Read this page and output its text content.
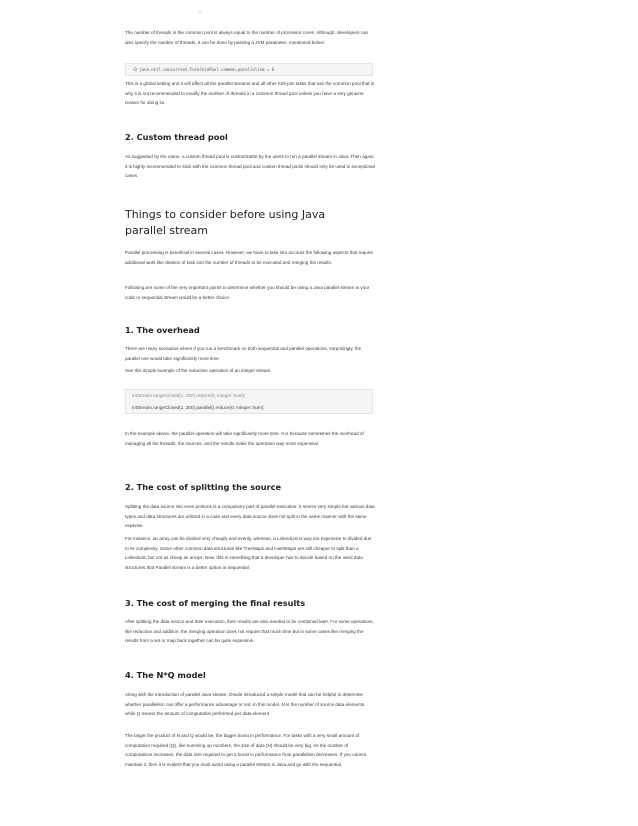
The number of threads in the common pool is always equal to the number of processor cores. Although, developers can also specify the number of threads. It can be done by passing a JVM parameter, mentioned below:

-D java.util.concurrent.ForkJoinPool.common.parallelism = 6

This is a global setting and it will affect all the parallel streams and all other fork-join tasks that use the common pool that is why it is not recommended to modify the number of threads in a common thread pool unless you have a very genuine reason for doing so.

2. Custom thread pool

As suggested by the name, a custom thread pool is customizable by the users to run a parallel stream in Java. Then again, it is highly recommended to stick with the common thread pool and custom thread pools should only be used in exceptional cases.

Things to consider before using Java parallel stream

Parallel processing is beneficial in several cases. However, we have to take into account the following aspects that require additional work like division of task into the number of threads to be executed and merging the results.

Following are some of the very important points to determine whether you should be using a Java parallel stream in your code or sequential stream would be a better choice.

1. The overhead

There are many scenarios where if you run a benchmark on both sequential and parallel operations, surprisingly, the parallel one would take significantly more time.

See this simple example of the reduction operation of an integer stream.

IntStream.rangeClosed(1, 200).reduce(0, Integer::sum);
IntStream.rangeClosed(1, 200).parallel().reduce(0, Integer::sum);

In the example above, the parallel operation will take significantly more time. It is because sometimes the overhead of managing all the threads, the sources, and the results make the operation way more expensive.

2. The cost of splitting the source

Splitting the data source into even portions is a compulsory part of parallel execution. It seems very simple but various data types and data structures are utilized in a code and every data source does not split in the same manner with the same expense.

For instance, an array can be divided very cheaply and evenly, whereas, a LinkedList is way too expensive to divided due to its complexity. Some other common data structures like TreeMaps and HashMaps are still cheaper to split than a LinkedList, but not as cheap as arrays. Now, this is something that a developer has to decide based on the used data structures that Parallel stream is a better option or sequential.

3. The cost of merging the final results

After splitting the data source and their execution, their results are also needed to be combined later. For some operations, like reduction and addition, the merging operation does not require that much time but in some cases like merging the results from a set or map back together can be quite expensive.

4. The N*Q model

Along with the introduction of parallel Java stream, Oracle introduced a simple model that can be helpful to determine whether parallelism can offer a performance advantage or not. In this model, N is the number of source data elements, while Q means the amount of computation performed per data element.

The larger the product of N and Q would be, the bigger boost in performance. For tasks with a very small amount of computation required (Q), like summing up numbers, the size of data (N) should be very big. As the number of computations increases, the data size required to get a boost in performance from parallelism decreases. If you cannot maintain it, then it is evident that you must avoid using a parallel stream in Java and go with the sequential.
